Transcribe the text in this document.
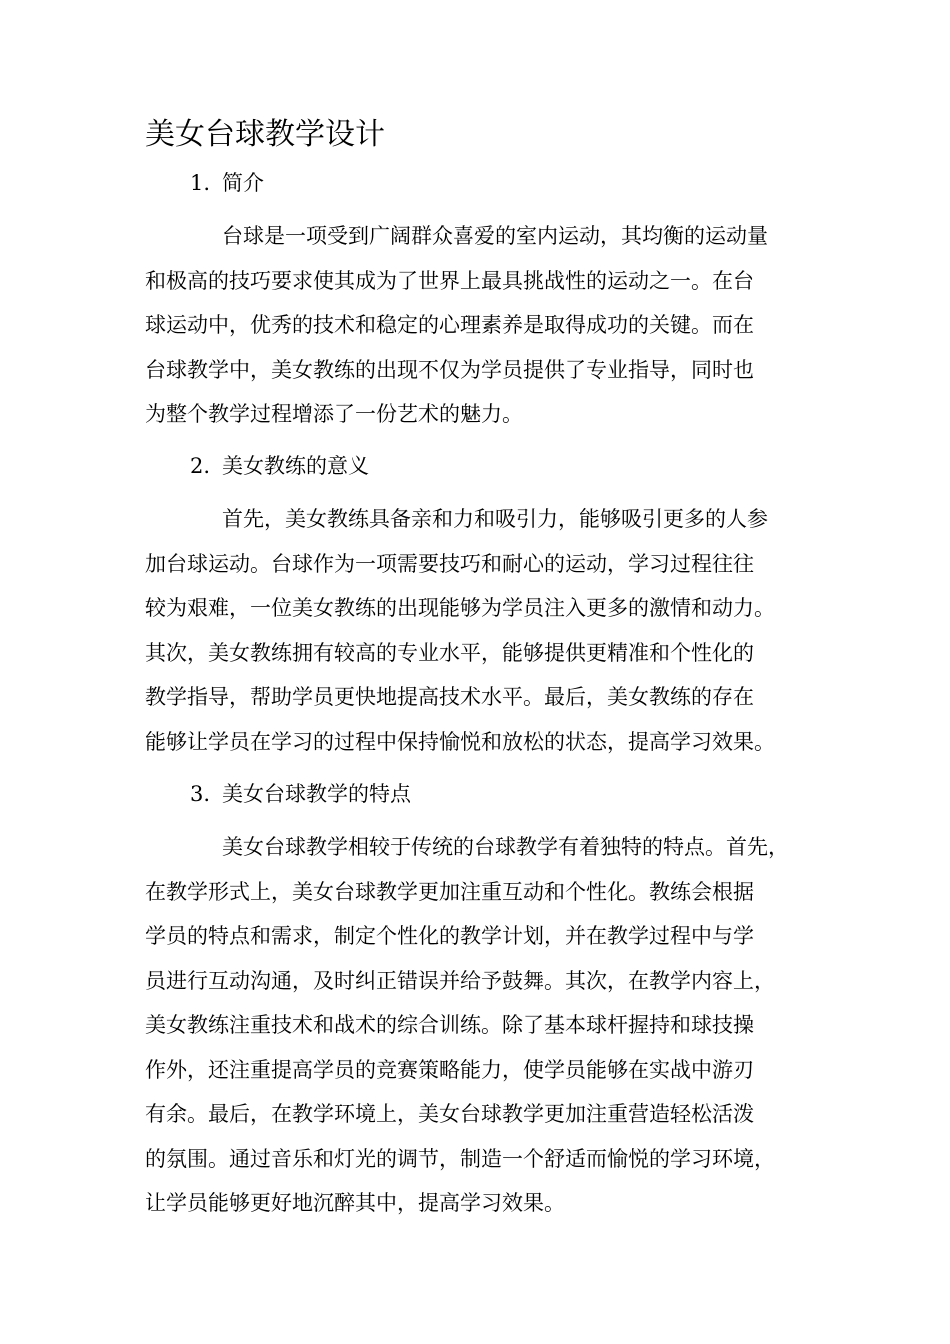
美女台球教学设计
1. 简介
台球是一项受到广阔群众喜爱的室内运动，其均衡的运动量
和极高的技巧要求使其成为了世界上最具挑战性的运动之一。在台
球运动中，优秀的技术和稳定的心理素养是取得成功的关键。而在
台球教学中，美女教练的出现不仅为学员提供了专业指导，同时也
为整个教学过程增添了一份艺术的魅力。
2. 美女教练的意义
首先，美女教练具备亲和力和吸引力，能够吸引更多的人参
加台球运动。台球作为一项需要技巧和耐心的运动，学习过程往往
较为艰难，一位美女教练的出现能够为学员注入更多的激情和动力。
其次，美女教练拥有较高的专业水平，能够提供更精准和个性化的
教学指导，帮助学员更快地提高技术水平。最后，美女教练的存在
能够让学员在学习的过程中保持愉悦和放松的状态，提高学习效果。
3. 美女台球教学的特点
美女台球教学相较于传统的台球教学有着独特的特点。首先，
在教学形式上，美女台球教学更加注重互动和个性化。教练会根据
学员的特点和需求，制定个性化的教学计划，并在教学过程中与学
员进行互动沟通，及时纠正错误并给予鼓舞。其次，在教学内容上，
美女教练注重技术和战术的综合训练。除了基本球杆握持和球技操
作外，还注重提高学员的竞赛策略能力，使学员能够在实战中游刃
有余。最后，在教学环境上，美女台球教学更加注重营造轻松活泼
的氛围。通过音乐和灯光的调节，制造一个舒适而愉悦的学习环境，
让学员能够更好地沉醉其中，提高学习效果。
